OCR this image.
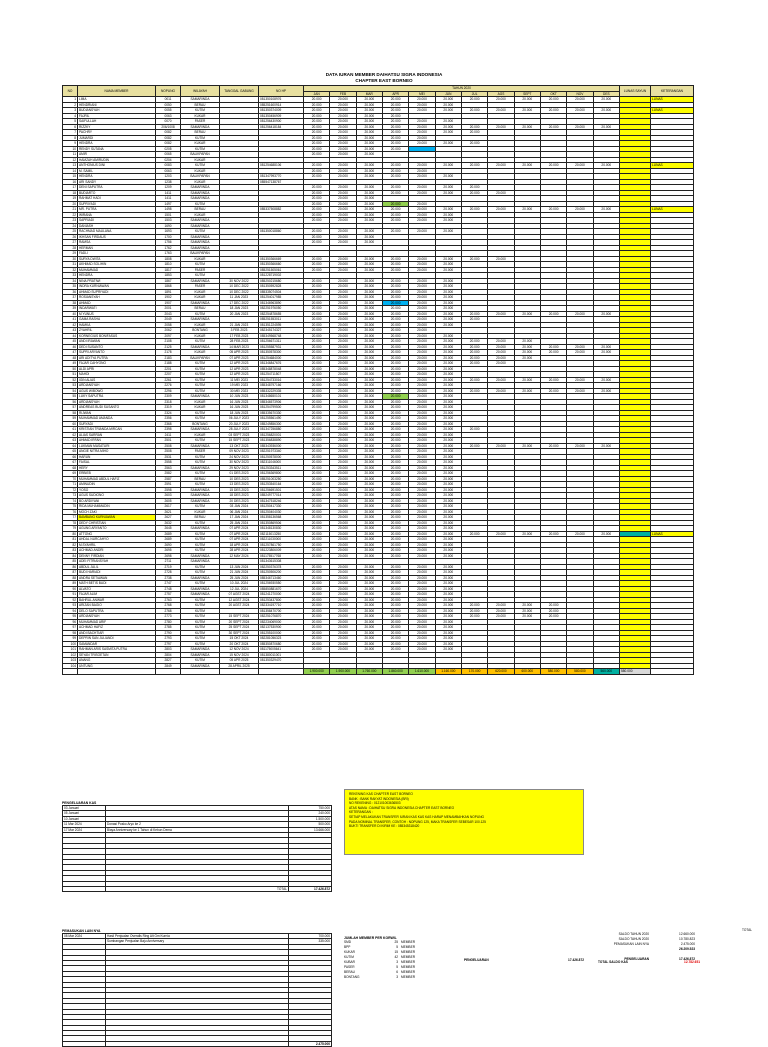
DATA IURAN MEMBER DAIHATSU SIGRA INDONESIA
CHAPTER EAST BORNEO
NO	NAMA MEMBER	NOPUNG	WILAYAH	TANGGAL GABUNG	NO HP	TAHUN 2020												LUNAS SAYUN	KETERANGAN
						JAN	FEB	MAR	APR	MEI	JUN	JUL	AGS	SEPT	OKT	NOV	DES		
1	LIMA	0011	SAMARINDA		081350108976	20.000	20.000	20.000	20.000	20.000	20.000	20.000	20.000	20.000	20.000	20.000	20.000		LUNAS
2	HENDRIANI	0050	BERAU		085251600914	20.000	20.000	20.000	20.000	20.000	20.000								
3	BUDIANSYAH	0055	KUTIM		081350374009	20.000	20.000	20.000	20.000	20.000	20.000	20.000	20.000	20.000	20.000	20.000	20.000		LUNAS
4	FAJRIL	0063	KUKAR		081350456909	20.000	20.000	20.000	20.000										
5	SAIFULLAH	0070	PASER		081256430900	20.000	20.000	20.000	20.000	20.000	20.000								
6	RIZZKY	206/1008	SAMARINDA		081256418184	20.000	20.000	20.000	20.000	20.000	20.000	20.000	20.000	20.000	20.000	20.000	20.000		
7	PACHRY	0082	BERAU			20.000	20.000	20.000	20.000	20.000	20.000	20.000							
8	JUMARDI	0082	KUTIM			20.000	20.000	20.000	20.000	20.000									
9	HENDRA	0082	KUKAR			20.000	20.000	20.000	20.000	20.000	20.000	20.000							
10	RENDY SUTANA	0205	KUTIM			20.000	20.000	20.000	20.000										
11	AMIR	0065	BALIKPAPAN			20.000	20.000	20.000											
12	HAMZAH AMIRUDIN	0204	KUKAR																
13	ANTHONIUS DINI	0083	KUTIM		081254688106	20.000	20.000	20.000	20.000	20.000	20.000	20.000	20.000	20.000	20.000	20.000	20.000		LUNAS
14	M. SAMIL	0063	KUKAR			20.000	20.000	20.000	20.000	20.000									
15	HENDRA	1203	BALIKPAPAN		081347993770	20.000	20.000	20.000	20.000	20.000	20.000								
16	ARI SANDY	1238	KUKAR		085547138767														
17	DENI SAPUTRA	1209	SAMARINDA			20.000	20.000	20.000	20.000	20.000	20.000	20.000							
18	BUDIARTO	1411	SAMARINDA			20.000	20.000	20.000	20.000	20.000	20.000	20.000	20.000						
19	RAHMAT HADI	1411	SAMARINDA			20.000	20.000	20.000											
20	SUPRIYADI	1497	KUTIM			20.000	20.000	20.000	20.000	20.000									
21	MR. PUTRA	1498	BERAU		085337508882	20.000	20.000	20.000	20.000	20.000	20.000	20.000	20.000	20.000	20.000	20.000	20.000		LUNAS
22	WIRANA	1501	KUKAR			20.000	20.000	20.000	20.000	20.000	20.000								
23	SAPRIADI	1503	SAMARINDA			20.000	20.000	20.000	20.000	20.000	20.000								
24	DANIASH	1690	SAMARINDA																
25	RACHMAD MAULANA	1693	KUTIM		081350018860	20.000	20.000	20.000	20.000	20.000	20.000								
26	IKHSAN FIRDAUS	1700	SAMARINDA			20.000	20.000	20.000											
27	RAMSA	1756	SAMARINDA			20.000	20.000	20.000											
28	HERMAN	1762	SAMARINDA																
29	FADLI	1763	BALIKPAPAN																
30	SURYA DWITA	1808	KUKAR		081350366669	20.000	20.000	20.000	20.000	20.000	20.000	20.000	20.000						
31	AKHMAD SOLIHIN	1810	KUTIM		081350366660	20.000	20.000	20.000	20.000	20.000	20.000								
32	MUHAMMAD	1817	PASER		085251505061	20.000	20.000	20.000	20.000	20.000	20.000								
33	HENDRA	1853	KUTIM		081228719002														
34	NINA PRATIWI	1867	SAMARINDA	30 NOV 2022	085250215680	20.000	20.000	20.000	20.000	20.000	20.000								
35	INDRA KURNIAWAN	1868	PASER	10 DEC 2022	081350592828	20.000	20.000	20.000	20.000	20.000	20.000								
36	AHMAD SUPRIYADI	1891	KUKAR	10 DEC 2022	085335074504	20.000	20.000	20.000	20.000	20.000	20.000								
37	ROSIANSYAH	1902	KUKAR	11 JAN 2023	081254017985	20.000	20.000	20.000	20.000	20.000	20.000								
38	AHMAD	1907	SAMARINDA	17 DEC 2022	081346963890	20.000	20.000	20.000	20.000	20.000	20.000								
39	INDARWATI	2001	BERAU	18 JAN 2023	082251976050	20.000	20.000	20.000	20.000	20.000	20.000								
40	M YUNUS	2043	KUTIM	20 JAN 2023	082254878655	20.000	20.000	20.000	20.000	20.000	20.000	20.000	20.000	20.000	20.000	20.000	20.000		
41	GAMA RASHA	2049	SAMARINDA		085251553011	20.000	20.000	20.000	20.000	20.000	20.000	20.000							
42	HAMKA	2058	KUKAR	21 JAN 2023	081351224595	20.000	20.000	20.000	20.000	20.000	20.000								
43	ZYAHRIL	2062	BONTANG	3 FEB 2023	082345174327	20.000	20.000	20.000	20.000	20.000									
44	KORNEGIUS BONIFASUS	2097	KUKAR	17 FEB 2023	085349568748	20.000	20.000	20.000	20.000	20.000	20.000								
45	ANDI IRAWAN	2108	KUTIM	28 FEB 2023	081256671311	20.000	20.000	20.000	20.000	20.000	20.000	20.000	20.000	20.000					
46	DEDI SUSANTO	2125	SAMARINDA	14 MAR 2023	081255587931	20.000	20.000	20.000	20.000	20.000	20.000	20.000	20.000	20.000	20.000	20.000	20.000		
47	SUPRI ARYANTO	2178	KUKAR	05 APR 2023	081350578300	20.000	20.000	20.000	20.000	20.000	20.000	20.000	20.000	20.000	20.000	20.000	20.000		
48	ARI ADITYA PUTRA	2183	BALIKPAPAN	07 APR 2023	081254684000	20.000	20.000	20.000	20.000	20.000	20.000	20.000	20.000	20.000					
49	FAJAR CAHYONO	2188	KUTIM	12 APR 2023	081346847676	20.000	20.000	20.000	20.000	20.000	20.000	20.000	20.000						
50	ALDI APRI	2201	KUTIM	12 APR 2023	085348878048	20.000	20.000	20.000	20.000	20.000	20.000								
51	MAHDI	2207	KUTIM	12 APR 2023	081254711507	20.000	20.000	20.000	20.000	20.000	20.000								
52	IGIN ALIAS	2261	KUTIM	11 MEI 2023	081254733016	20.000	20.000	20.000	20.000	20.000	20.000	20.000	20.000	20.000	20.000	20.000	20.000		
53	ARDIANSYAH	2276	KUTIM	19 MEI 2023	085348797166	20.000	20.000	20.000	20.000	20.000	20.000								
54	AGUS WIBOWO	2296	KUTIM	30 MEI 2023	085332229335	20.000	20.000	20.000	20.000	20.000	20.000	20.000	20.000	20.000	20.000	20.000	20.000		
55	LUKY SAPUTRA	2309	SAMARINDA	10 JUN 2023	081348650101	20.000	20.000	20.000	20.000	20.000	20.000								
56	ARDIANSYAH	2318	KUKAR	16 JUN 2023	085346573906	20.000	20.000	20.000	20.000	20.000	20.000								
57	ANDREAS BUDI SUSANTO	2319	KUKAR	16 JUN 2023	081254799500	20.000	20.000	20.000	20.000	20.000	20.000								
58	RIJWAN	2324	KUTIM	18 JUN 2023	085335670330	20.000	20.000	20.000	20.000	20.000	20.000								
59	MUHAMMAD AMANDA	2356	KUTIM	06 JULY 2023	081255561490	20.000	20.000	20.000	20.000	20.000	20.000								
60	SURYADI	2368	BONTANG	20 JULY 2023	085249856300	20.000	20.000	20.000	20.000	20.000	20.000								
61	KRISTIAN TRIANDA MIRCAN	2398	SAMARINDA	28 JULY 2023	081347256880	20.000	20.000	20.000	20.000	20.000	20.000	20.000							
62	ALIAS SARRAN	2411	KUKAR	03 SEPT 2023	081256820001	20.000	20.000	20.000	20.000	20.000	20.000								
63	AHMAD IRFAN	2501	KUTIM	15 SEPT 2023	081356838890	20.000	20.000	20.000	20.000	20.000	20.000								
64	LUKMAN MASATURI	2508	SAMARINDA	13 OKT 2023	085343936000	20.000	20.000	20.000	20.000	20.000	20.000	20.000	20.000	20.000	20.000	20.000	20.000		
65	ANGIE NITRA MIHO	2508	PASER	09 NOV 2023	082251973340	20.000	20.000	20.000	20.000	20.000	20.000								
66	HARUN	2531	KUTIM	24 NOV 2023	081250578000	20.000	20.000	20.000	20.000	20.000	20.000								
67	FAISAL	2558	KUTIM	30 NOV 2023	082311046000	20.000	20.000	20.000	20.000	20.000	20.000								
68	HERY	2563	SAMARINDA	29 NOV 2023	081253343511	20.000	20.000	20.000	20.000	20.000	20.000								
69	ERBIEB	2582	KUTIM	01 DES 2023	081256369800	20.000	20.000	20.000	20.000	20.000	20.000								
70	MUHAMMAD ABDUL HAFIZ	2587	BERAU	10 DES 2023	085251003250	20.000	20.000	20.000	20.000	20.000	20.000								
71	AMINUDIN	2591	KUTIM	13 DES 2023	081253540164	20.000	20.000	20.000	20.000	20.000	20.000								
72	YOSO	2598	SAMARINDA	15 DES 2023	081256691501	20.000	20.000	20.000	20.000	20.000	20.000								
73	AGUS SUDIONO	2603	SAMARINDA	18 DES 2023	085249777014	20.000	20.000	20.000	20.000	20.000	20.000								
74	BO ARDIYANI	2605	SAMARINDA	20 DES 2023	081347518246	20.000	20.000	20.000	20.000	20.000	20.000								
75	RIDA MUHAMMADIN	2617	KUTIM	03 JAN 2024	081250417330	20.000	20.000	20.000	20.000	20.000	20.000								
76	MOCH ZAKI	2621	KUKAR	06 JAN 2024	081250404030	20.000	20.000	20.000	20.000	20.000	20.000								
77	BAMBANG KURNIAWAN	2627	BERAU	17 JAN 2024	081358136568	20.000	20.000	20.000	20.000	20.000	20.000								
78	DEDY CHRISTIAN	2632	KUTIM	25 JAN 2024	081350869506	20.000	20.000	20.000	20.000	20.000	20.000								
79	AGUNG ARYANTO	2645	SAMARINDA	07 APR 2024	081348130830	20.000	20.000	20.000	20.000	20.000	20.000								
80	ATTONG	2689	KUTIM	07 APR 2024	082115013250	20.000	20.000	20.000	20.000	20.000	20.000	20.000	20.000	20.000	20.000	20.000	20.000		LUNAS
81	AHDAL NURCAHYO	2689	KUTIM	07 APR 2024	082211030000	20.000	20.000	20.000	20.000	20.000	20.000								
82	M.SYAHRIL	2690	KUTIM	18 APR 2024	081257861750	20.000	20.000	20.000	20.000	20.000	20.000								
83	ACHMAD ANDRI	2695	KUTIM	28 APR 2024	081223806009	20.000	20.000	20.000	20.000	20.000	20.000								
84	DENNY FIRDIAN	2698	SAMARINDA	12 MAY 2024	081175517768	20.000	20.000	20.000	20.000	20.000	20.000								
85	ADEI FITRIANSYAH	2711	SAMARINDA		081343615308														
86	ABDUL JALIL	2719	KUTIM	13 JUN 2024	082250376378	20.000	20.000	20.000	20.000	20.000	20.000								
87	BUDI HARIADI	2728	KUTIM	21 JUN 2024	081250506200	20.000	20.000	20.000	20.000	20.000	20.000								
88	ANDRA SETIAWAN	2738	SAMARINDA	25 JUN 2024	085346713460	20.000	20.000	20.000	20.000	20.000	20.000								
89	MATH BETIS BUDI	2747	KUTIM	10 JUL 2024	081256930550	20.000	20.000	20.000	20.000	20.000	20.000								
90	ALVATO	2748	SAMARINDA	12 JUL 2024	085850881670	20.000	20.000	20.000	20.000	20.000	20.000								
91	FAJAR ALIM	2757	SAMARINDA	07 AGST 2024	081241270000	20.000	20.000	20.000	20.000	20.000	20.000								
92	BAHRUL ANWAR	2763	KUTIM	12 AGST 2024	081253437800	20.000	20.000	20.000	20.000	20.000	20.000								
93	ARIZAN BAGIO	2768	KUTIM	20 AGST 2024	082334197710	20.000	20.000	20.000	20.000	20.000	20.000	20.000	20.000	20.000	20.000				
94	DELO SAPUTRA	2768	KUTIM		081358470700	20.000	20.000	20.000	20.000	20.000	20.000	20.000	20.000	20.000	20.000				
95	ARDIANSYAH	2773	KUTIM	15 SEPT 2024	082251076870	20.000	20.000	20.000	20.000	20.000	20.000	20.000	20.000	20.000	20.000				
96	MUHAMMAD ARIF	2780	KUTIM	20 SEPT 2024	082234069000	20.000	20.000	20.000	20.000	20.000	20.000								
97	ACHMAD HAFIZ	2785	KUTIM	25 SEPT 2024	082137530900	20.000	20.000	20.000	20.000	20.000	20.000								
98	ANDI BACHTIAR	2790	KUTIM	30 SEPT 2024	081255100000	20.000	20.000	20.000	20.000	20.000	20.000								
99	DEPRIN SAN JULIANDI	2793	KUTIM	15 OKT 2024	082281056323	20.000	20.000	20.000	20.000	20.000	20.000								
100	SAMANDAR	2797	KUTIM	20 OKT 2024	085350870680	20.000	20.000	20.000	20.000	20.000	20.000								
101	RAHMAN ARIS SASMITA PUTRA	2803	SAMARINDA	12 NOV 2024	081175005641	20.000	20.000	20.000	20.000	20.000	20.000								
102	SEYAN TRISOETAN	2804	SAMARINDA	15 NOV 2024	081380011001														
103	ANANG	2827	KUTIM	05 APR 2025	081350329470														
104	UNTUNG	2849	SAMARINDA	28 APRIL 2025															
						1.900.000	1.900.000	1.760.000	1.860.000	1.610.000	1.160.000	170.000	620.000	600.000	580.000	580.000	560.000	580.000	
TOTAL
SALDO TAHUN 2020	12.660.000
SALDO TAHUN 2020	10.780.823
PEMASUKAN LAIN NYA	2.475.000
26.209.523
PENGELUARAN	17.426.872
TOTAL SALDO KAS	12.782.651
PEMASUKAN LAIN NYA
08 Mar 2024	Hasil Penjualan Overalls Ring Alt Gm Kurnia	700.000
	Sumbangan Penjualan Baju Anniversary	335.000

		2.475.000
JUMLAH MEMBER PER KORWIL
SMD	25 MEMBER
BPP	5 MEMBER
KUKAR	15 MEMBER
KUTIM	42 MEMBER
KUBAR	3 MEMBER
PASER	5 MEMBER
BERAU	6 MEMBER
BONTANG	3 MEMBER
PENGELUARAN	17.426.872
REKENING KAS CHAPTER EAST BORNEO
BANK : BANK RAKYAT INDONESIA (BRI)
NO REKENING : 012101003636503
ATAS NAMA : DAIHATSU SIGRA INDONESIA CHAPTER EAST BORNEO
KETERANGAN :
SETIAP MELAKUKAN TRANSFER IURAN KAS KAS KAS HARAP MENAMBAHKAN NOPUNG
PADA NOMINAL TRANSFER, CONTOH : NOPUNG 125, MAKA TRANSFER SEBESAR 100.125
BUKTI TRANSFER DI KIRIM KE : 085345318420
PENGELUARAN KAS
03 Januari		750.000
05 Januari		240.000
10 Januari		1.500.000
11 Mar 2024	Donasi Posko Aryo ke 2	500.000
17 Mar 2024	Biaya Anniversary ke 1 Tahun di Kebun Dema	13.666.000

	TOTAL	17.426.872
